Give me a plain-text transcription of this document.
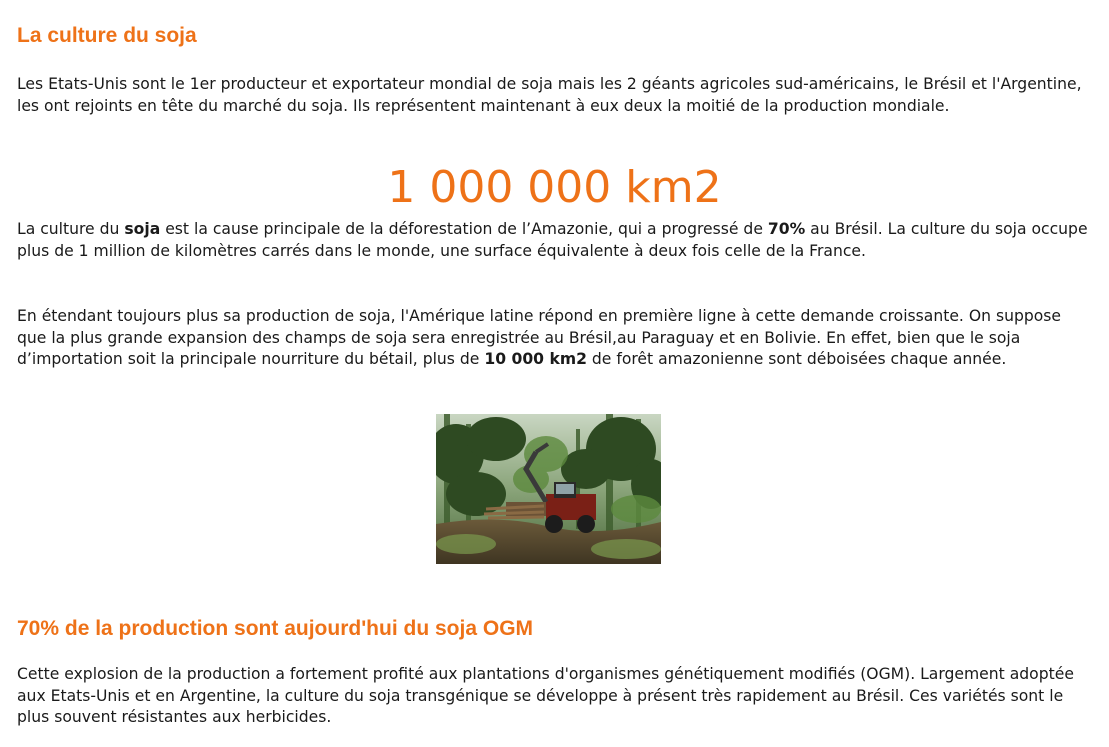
La culture du soja

Les Etats-Unis sont le 1er producteur et exportateur mondial de soja mais les 2 géants agricoles sud-américains, le Brésil et l'Argentine, les ont rejoints en tête du marché du soja. Ils représentent maintenant à eux deux la moitié de la production mondiale.

1 000 000 km2

La culture du soja est la cause principale de la déforestation de l’Amazonie, qui a progressé de 70% au Brésil. La culture du soja occupe plus de 1 million de kilomètres carrés dans le monde, une surface équivalente à deux fois celle de la France.

En étendant toujours plus sa production de soja, l'Amérique latine répond en première ligne à cette demande croissante. On suppose que la plus grande expansion des champs de soja sera enregistrée au Brésil,au Paraguay et en Bolivie. En effet, bien que le soja d’importation soit la principale nourriture du bétail, plus de 10 000 km2 de forêt amazonienne sont déboisées chaque année.

70% de la production sont aujourd'hui du soja OGM

Cette explosion de la production a fortement profité aux plantations d'organismes génétiquement modifiés (OGM). Largement adoptée aux Etats-Unis et en Argentine, la culture du soja transgénique se développe à présent très rapidement au Brésil. Ces variétés sont le plus souvent résistantes aux herbicides.
